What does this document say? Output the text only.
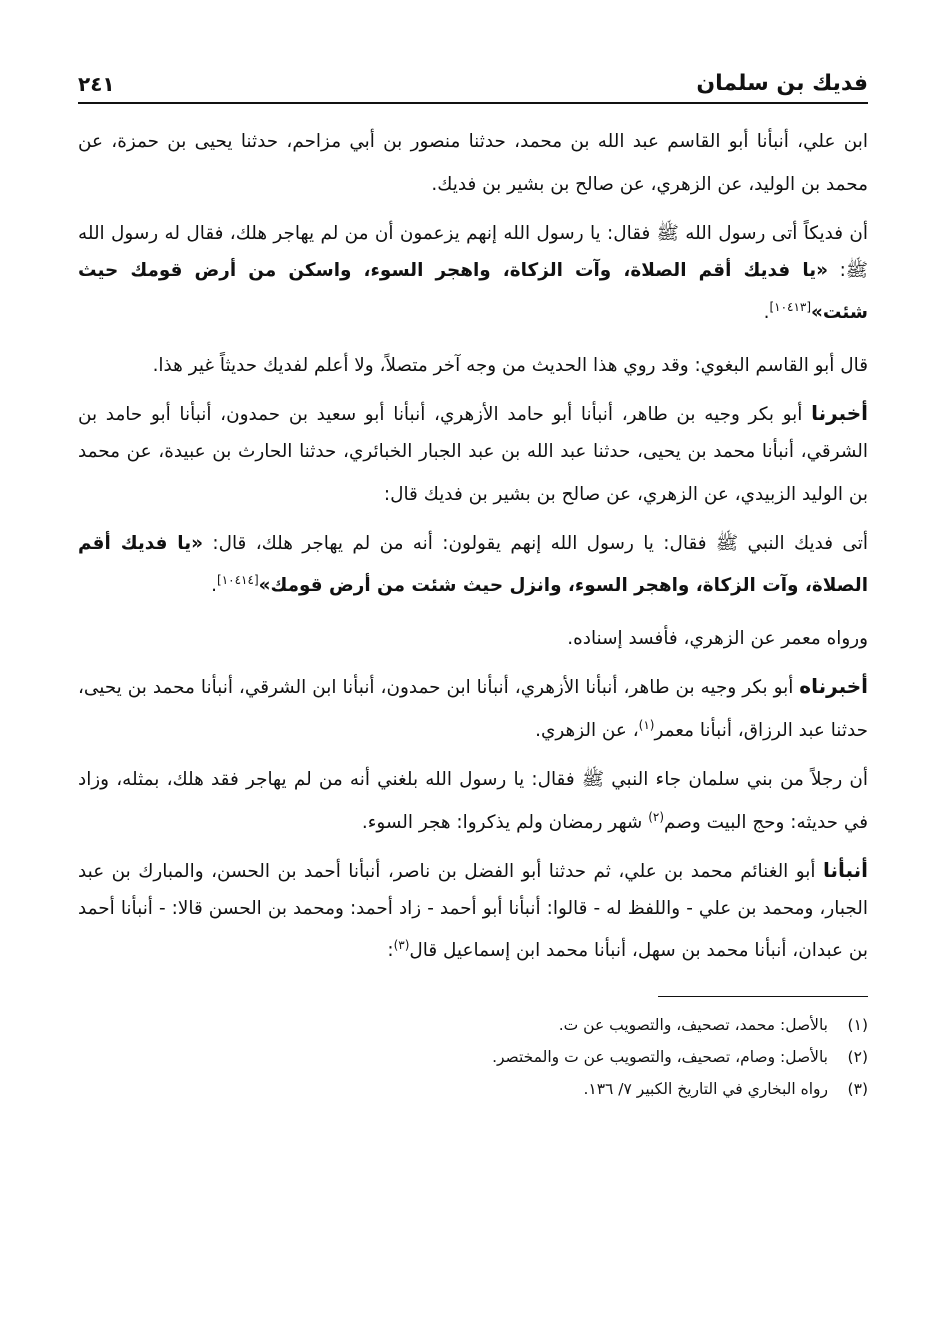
فديك بن سلمان
٢٤١

ابن علي، أنبأنا أبو القاسم عبد الله بن محمد، حدثنا منصور بن أبي مزاحم، حدثنا يحيى بن حمزة، عن محمد بن الوليد، عن الزهري، عن صالح بن بشير بن فديك.

أن فديكاً أتى رسول الله ﷺ فقال: يا رسول الله إنهم يزعمون أن من لم يهاجر هلك، فقال له رسول الله ﷺ: «يا فديك أقم الصلاة، وآت الزكاة، واهجر السوء، واسكن من أرض قومك حيث شئت»[١٠٤١٣].

قال أبو القاسم البغوي: وقد روي هذا الحديث من وجه آخر متصلاً، ولا أعلم لفديك حديثاً غير هذا.

أخبرنا أبو بكر وجيه بن طاهر، أنبأنا أبو حامد الأزهري، أنبأنا أبو سعيد بن حمدون، أنبأنا أبو حامد بن الشرقي، أنبأنا محمد بن يحيى، حدثنا عبد الله بن عبد الجبار الخبائري، حدثنا الحارث بن عبيدة، عن محمد بن الوليد الزبيدي، عن الزهري، عن صالح بن بشير بن فديك قال:

أتى فديك النبي ﷺ فقال: يا رسول الله إنهم يقولون: أنه من لم يهاجر هلك، قال: «يا فديك أقم الصلاة، وآت الزكاة، واهجر السوء، وانزل حيث شئت من أرض قومك»[١٠٤١٤].

ورواه معمر عن الزهري، فأفسد إسناده.

أخبرناه أبو بكر وجيه بن طاهر، أنبأنا الأزهري، أنبأنا ابن حمدون، أنبأنا ابن الشرقي، أنبأنا محمد بن يحيى، حدثنا عبد الرزاق، أنبأنا معمر$^{(١)}$، عن الزهري.

أن رجلاً من بني سلمان جاء النبي ﷺ فقال: يا رسول الله بلغني أنه من لم يهاجر فقد هلك، بمثله، وزاد في حديثه: وحج البيت وصم$^{(٢)}$ شهر رمضان ولم يذكروا: هجر السوء.

أنبأنا أبو الغنائم محمد بن علي، ثم حدثنا أبو الفضل بن ناصر، أنبأنا أحمد بن الحسن، والمبارك بن عبد الجبار، ومحمد بن علي - واللفظ له - قالوا: أنبأنا أبو أحمد - زاد أحمد: ومحمد بن الحسن قالا: - أنبأنا أحمد بن عبدان، أنبأنا محمد بن سهل، أنبأنا محمد ابن إسماعيل قال$^{(٣)}$:

(١)
بالأصل: محمد، تصحيف، والتصويب عن ت.
(٢)
بالأصل: وصام، تصحيف، والتصويب عن ت والمختصر.
(٣)
رواه البخاري في التاريخ الكبير ٧/ ١٣٦.
